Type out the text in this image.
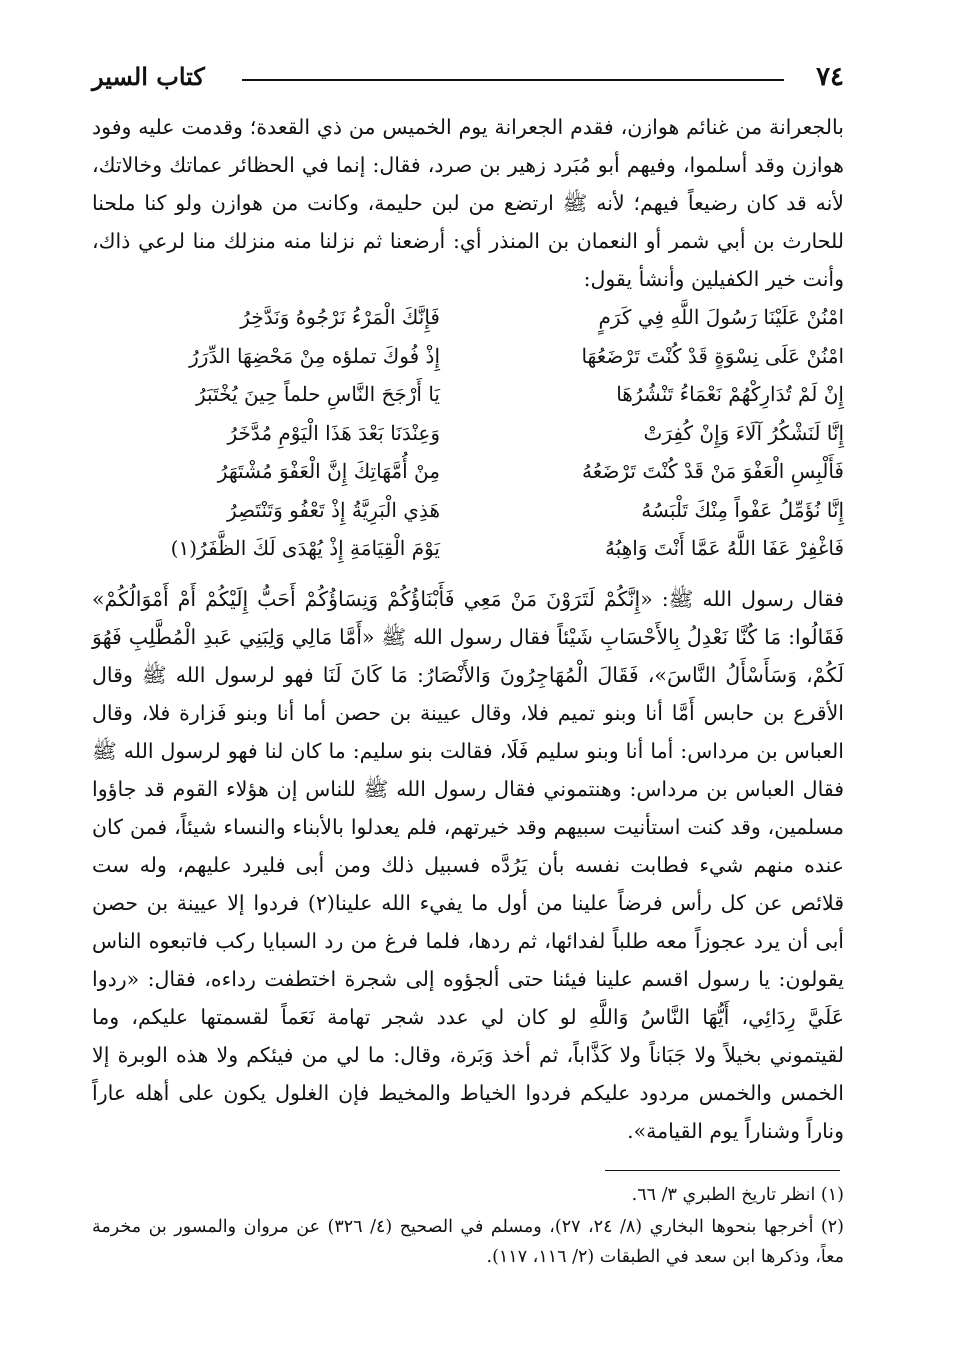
٧٤
كتاب السير

بالجعرانة من غنائم هوازن، فقدم الجعرانة يوم الخميس من ذي القعدة؛ وقدمت عليه وفود هوازن وقد أسلموا، وفيهم أبو مُبَرد زهير بن صرد، فقال: إنما في الحظائر عماتك وخالاتك، لأنه قد كان رضيعاً فيهم؛ لأنه ﷺ ارتضع من لبن حليمة، وكانت من هوازن ولو كنا ملحنا للحارث بن أبي شمر أو النعمان بن المنذر أي: أرضعنا ثم نزلنا منه منزلك منا لرعي ذاك، وأنت خير الكفيلين وأنشأ يقول:

امْنُنْ عَلَيْنَا رَسُولَ اللَّهِ فِي كَرَمٍ
فَإِنَّكَ الْمَرْءُ نَرْجُوهُ وَنَدَّخِرُ
امْنُنْ عَلَى نِسْوَةٍ قَدْ كُنْتَ تَرْضَعُهَا
إِذْ فُوكَ تملؤه مِنْ مَحْضِهَا الدِّرَرُ
إِنْ لَمْ تُدَارِكْهُمْ نَعْمَاءُ تَنْشُرُهَا
يَا أَرْجَحَ النَّاسِ حلماً حِينَ يُخْتَبَرُ
إِنَّا لَنَشْكُرُ آلَاءَ وَإِنْ كُفِرَتْ
وَعِنْدَنَا بَعْدَ هَذَا الْيَوْمِ مُدَّخَرُ
فَأَلْبِسِ الْعَفْوَ مَنْ قَدْ كُنْتَ تَرْضَعُهُ
مِنْ أُمَّهَاتِكَ إِنَّ الْعَفْوَ مُشْتَهَرُ
إِنَّا نُؤَمِّلُ عَفْواً مِنْكَ تَلْبَسُهُ
هَذِي الْبَرِيَّةُ إِذْ تَعْفُو وَتَنْتَصِرُ
فَاغْفِرْ عَفَا اللَّهُ عَمَّا أَنْتَ وَاهِبُهُ
يَوْمَ الْقِيَامَةِ إِذْ يُهْدَى لَكَ الظَّفَرُ(١)

فقال رسول الله ﷺ: «إِنَّكُمْ لَتَرَوْنَ مَنْ مَعِي فَأَبْنَاؤُكُمْ وَنِسَاؤُكُمْ أَحَبُّ إِلَيْكُمْ أَمْ أَمْوَالُكُمْ» فَقَالُوا: مَا كُنَّا نَعْدِلُ بِالأَحْسَابِ شَيْئاً فقال رسول الله ﷺ «أَمَّا مَالِي وَلِبَنِي عَبدِ الْمُطَّلِبِ فَهُوَ لَكُمْ، وَسَأَسْأَلُ النَّاسَ»، فَقَالَ الْمُهَاجِرُونَ وَالأَنْصَارُ: مَا كَانَ لَنَا فهو لرسول الله ﷺ وقال الأقرع بن حابس أَمَّا أنا وبنو تميم فلا، وقال عيينة بن حصن أما أنا وبنو فَزارة فلا، وقال العباس بن مرداس: أما أنا وبنو سليم فَلَا، فقالت بنو سليم: ما كان لنا فهو لرسول الله ﷺ فقال العباس بن مرداس: وهنتموني فقال رسول الله ﷺ للناس إن هؤلاء القوم قد جاؤوا مسلمين، وقد كنت استأنيت سبيهم وقد خيرتهم، فلم يعدلوا بالأبناء والنساء شيئاً، فمن كان عنده منهم شيء فطابت نفسه بأن يَرُدَّه فسبيل ذلك ومن أبى فليرد عليهم، وله ست قلائص عن كل رأس فرضاً علينا من أول ما يفيء الله علينا(٢) فردوا إلا عيينة بن حصن أبى أن يرد عجوزاً معه طلباً لفدائها، ثم ردها، فلما فرغ من رد السبايا ركب فاتبعوه الناس يقولون: يا رسول اقسم علينا فيئنا حتى ألجؤوه إلى شجرة اختطفت رداءه، فقال: «ردوا عَلَيَّ رِدَائِي، أَيُّهَا النَّاسُ وَاللَّهِ لو كان لي عدد شجر تهامة نَعَماً لقسمتها عليكم، وما لقيتموني بخيلاً ولا جَبَاناً ولا كَذَّاباً، ثم أخذ وَبَرة، وقال: ما لي من فيئكم ولا هذه الوبرة إلا الخمس والخمس مردود عليكم فردوا الخياط والمخيط فإن الغلول يكون على أهله عاراً وناراً وشناراً يوم القيامة».

(١) انظر تاريخ الطبري ٣/ ٦٦.

(٢) أخرجها بنحوها البخاري (٨/ ٢٤، ٢٧)، ومسلم في الصحيح (٤/ ٣٢٦) عن مروان والمسور بن مخرمة معاً، وذكرها ابن سعد في الطبقات (٢/ ١١٦، ١١٧).
